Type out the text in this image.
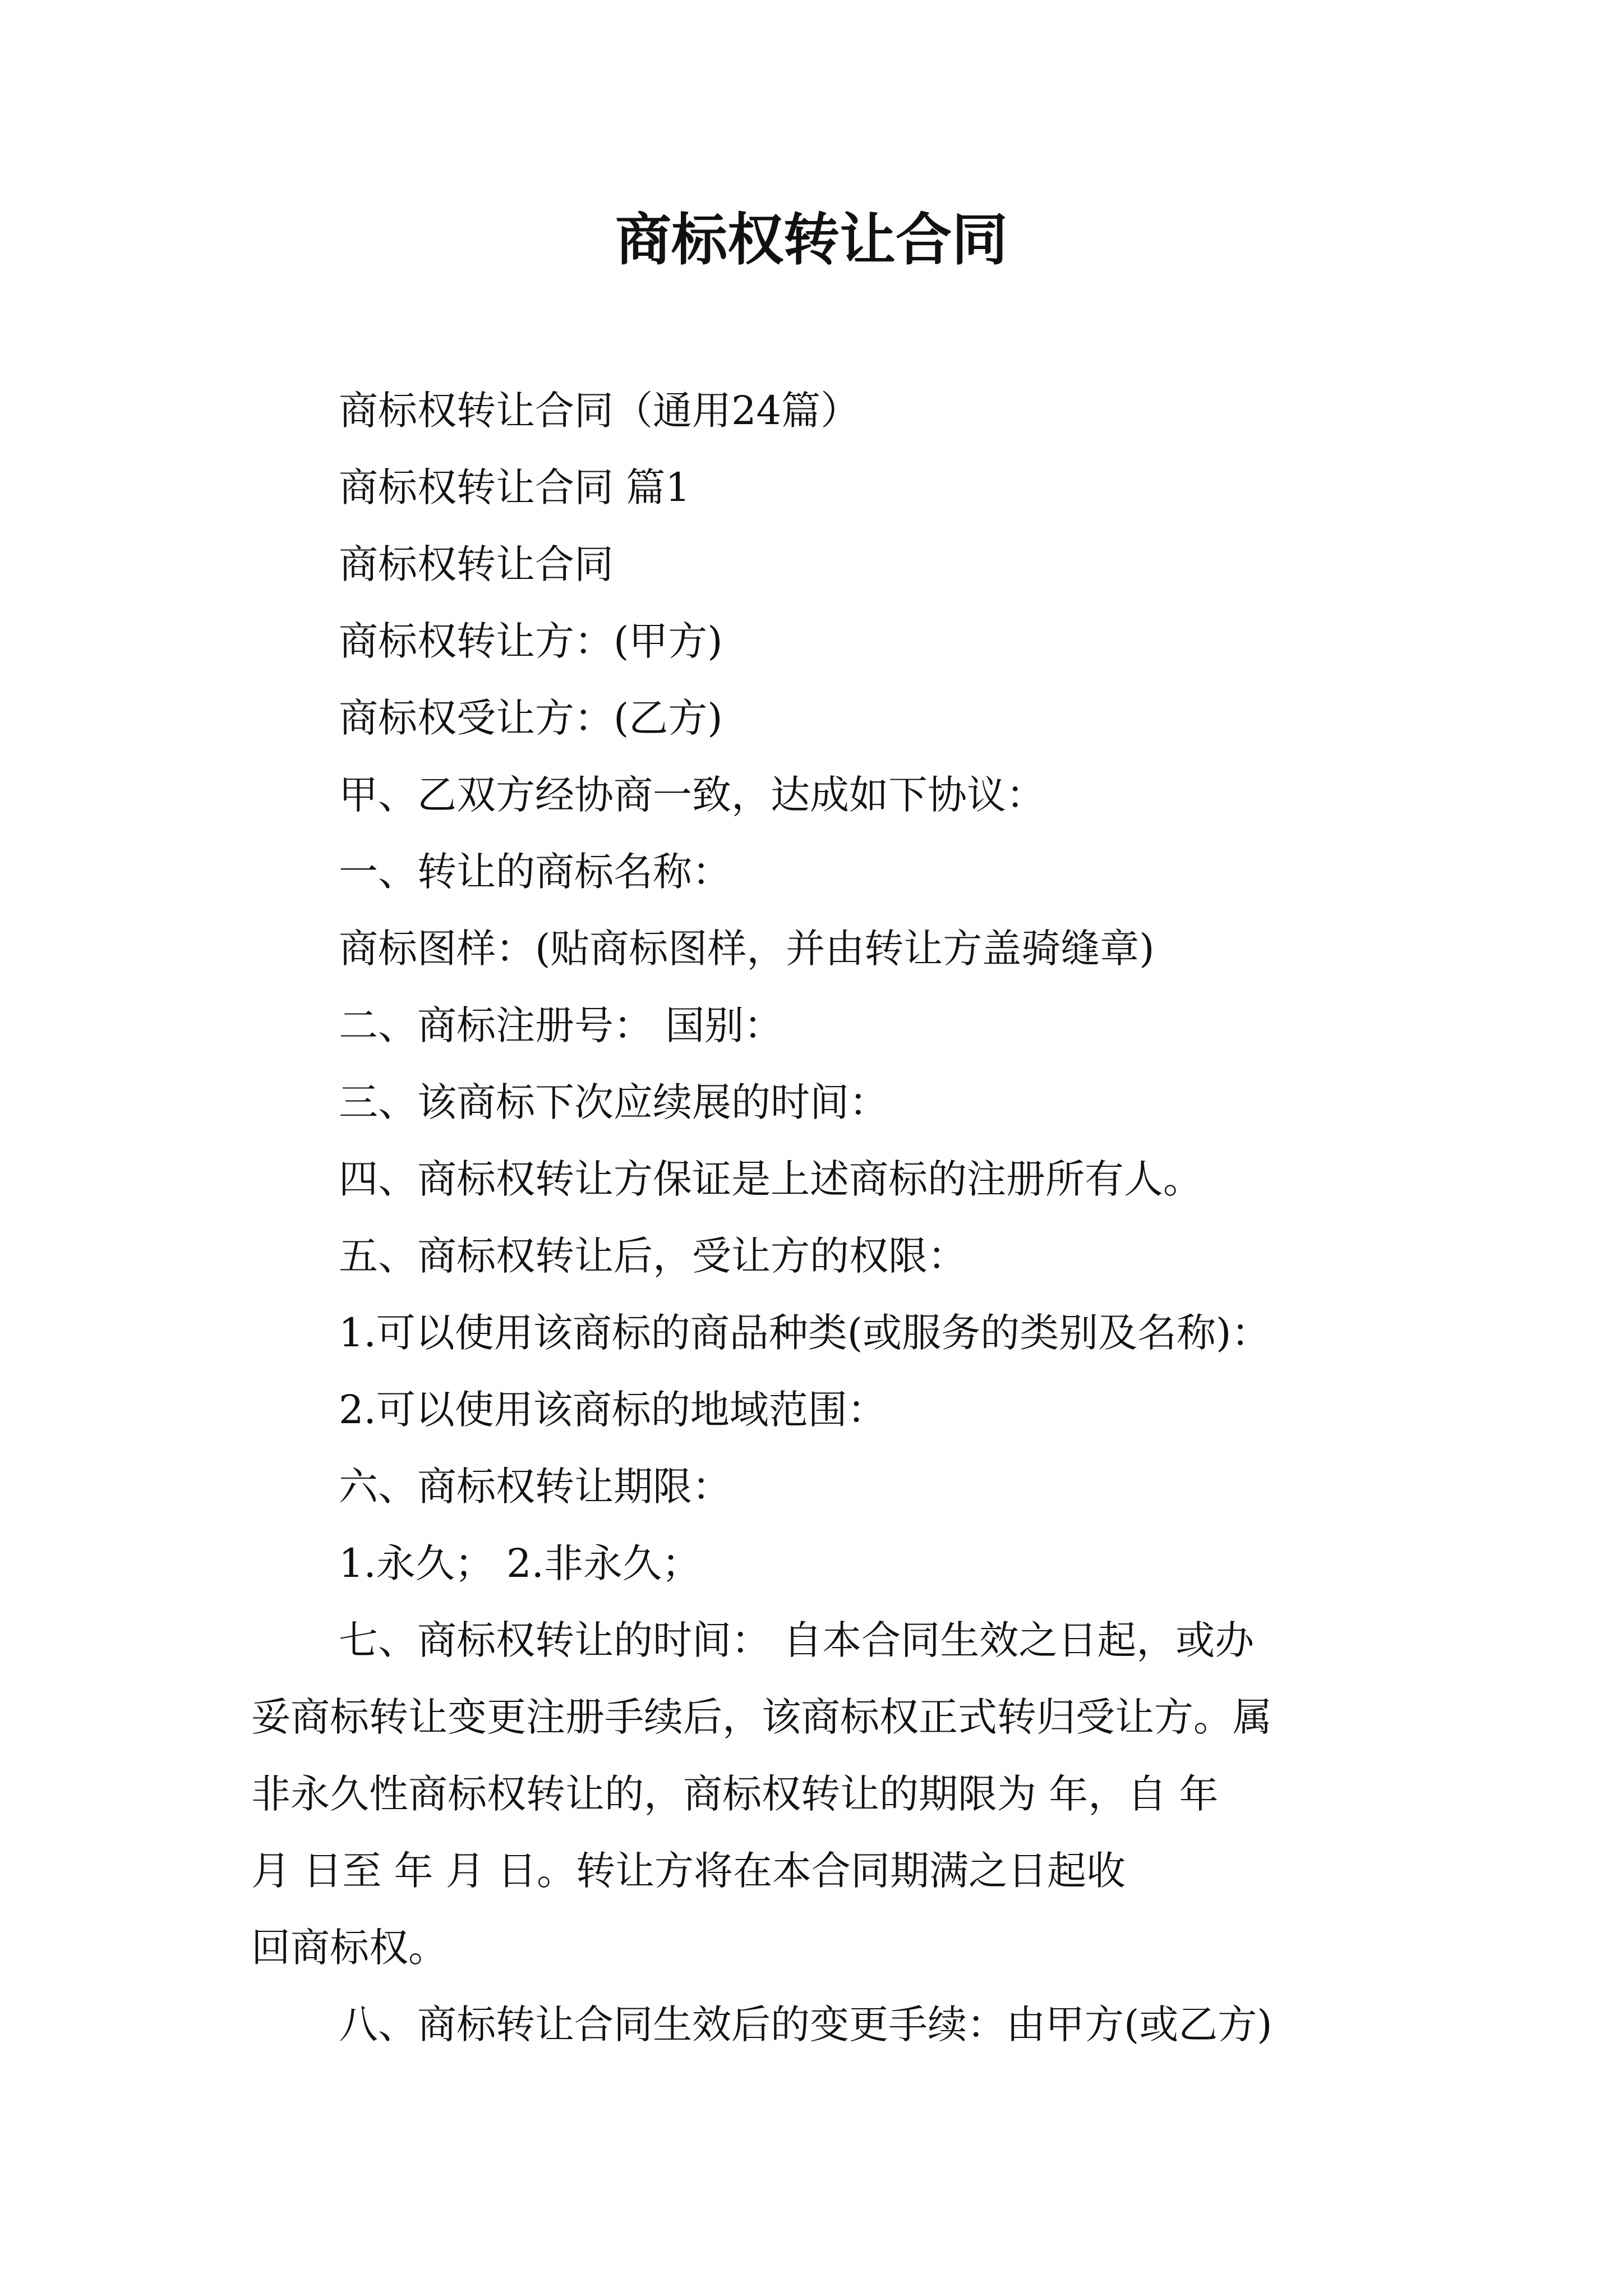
商标权转让合同

商标权转让合同（通用24篇）

商标权转让合同 篇1

商标权转让合同

商标权转让方：(甲方)

商标权受让方：(乙方)

甲、乙双方经协商一致，达成如下协议：

一、转让的商标名称：

商标图样：(贴商标图样，并由转让方盖骑缝章)

二、商标注册号： 国别：

三、该商标下次应续展的时间：

四、商标权转让方保证是上述商标的注册所有人。

五、商标权转让后，受让方的权限：

1.可以使用该商标的商品种类(或服务的类别及名称)：

2.可以使用该商标的地域范围：

六、商标权转让期限：

1.永久； 2.非永久；

七、商标权转让的时间： 自本合同生效之日起，或办

妥商标转让变更注册手续后，该商标权正式转归受让方。属

非永久性商标权转让的，商标权转让的期限为 年，自 年

月 日至 年 月 日。转让方将在本合同期满之日起收

回商标权。

八、商标转让合同生效后的变更手续：由甲方(或乙方)
